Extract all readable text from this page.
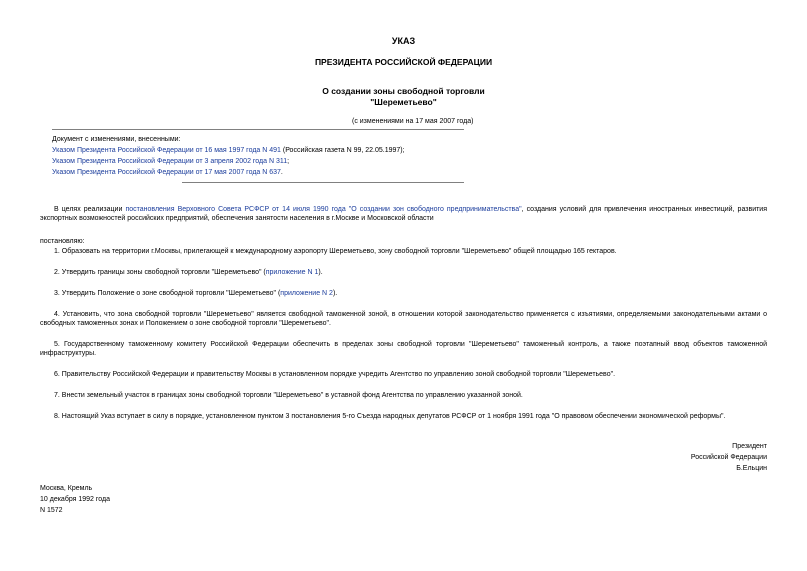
УКАЗ
ПРЕЗИДЕНТА РОССИЙСКОЙ ФЕДЕРАЦИИ
О создании зоны свободной торговли
"Шереметьево"
(с изменениями на 17 мая 2007 года)
Документ с изменениями, внесенными:
Указом Президента Российской Федерации от 16 мая 1997 года N 491 (Российская газета N 99, 22.05.1997);
Указом Президента Российской Федерации от 3 апреля 2002 года N 311;
Указом Президента Российской Федерации от 17 мая 2007 года N 637.
В целях реализации постановления Верховного Совета РСФСР от 14 июля 1990 года "О создании зон свободного предпринимательства", создания условий для привлечения иностранных инвестиций, развития экспортных возможностей российских предприятий, обеспечения занятости населения в г.Москве и Московской области
постановляю:
1. Образовать на территории г.Москвы, прилегающей к международному аэропорту Шереметьево, зону свободной торговли "Шереметьево" общей площадью 165 гектаров.
2. Утвердить границы зоны свободной торговли "Шереметьево" (приложение N 1).
3. Утвердить Положение о зоне свободной торговли "Шереметьево" (приложение N 2).
4. Установить, что зона свободной торговли "Шереметьево" является свободной таможенной зоной, в отношении которой законодательство применяется с изъятиями, определяемыми законодательными актами о свободных таможенных зонах и Положением о зоне свободной торговли "Шереметьево".
5. Государственному таможенному комитету Российской Федерации обеспечить в пределах зоны свободной торговли "Шереметьево" таможенный контроль, а также поэтапный ввод объектов таможенной инфраструктуры.
6. Правительству Российской Федерации и правительству Москвы в установленном порядке учредить Агентство по управлению зоной свободной торговли "Шереметьево".
7. Внести земельный участок в границах зоны свободной торговли "Шереметьево" в уставной фонд Агентства по управлению указанной зоной.
8. Настоящий Указ вступает в силу в порядке, установленном пунктом 3 постановления 5-го Съезда народных депутатов РСФСР от 1 ноября 1991 года "О правовом обеспечении экономической реформы".
Президент
Российской Федерации
Б.Ельцин
Москва, Кремль
10 декабря 1992 года
N 1572
